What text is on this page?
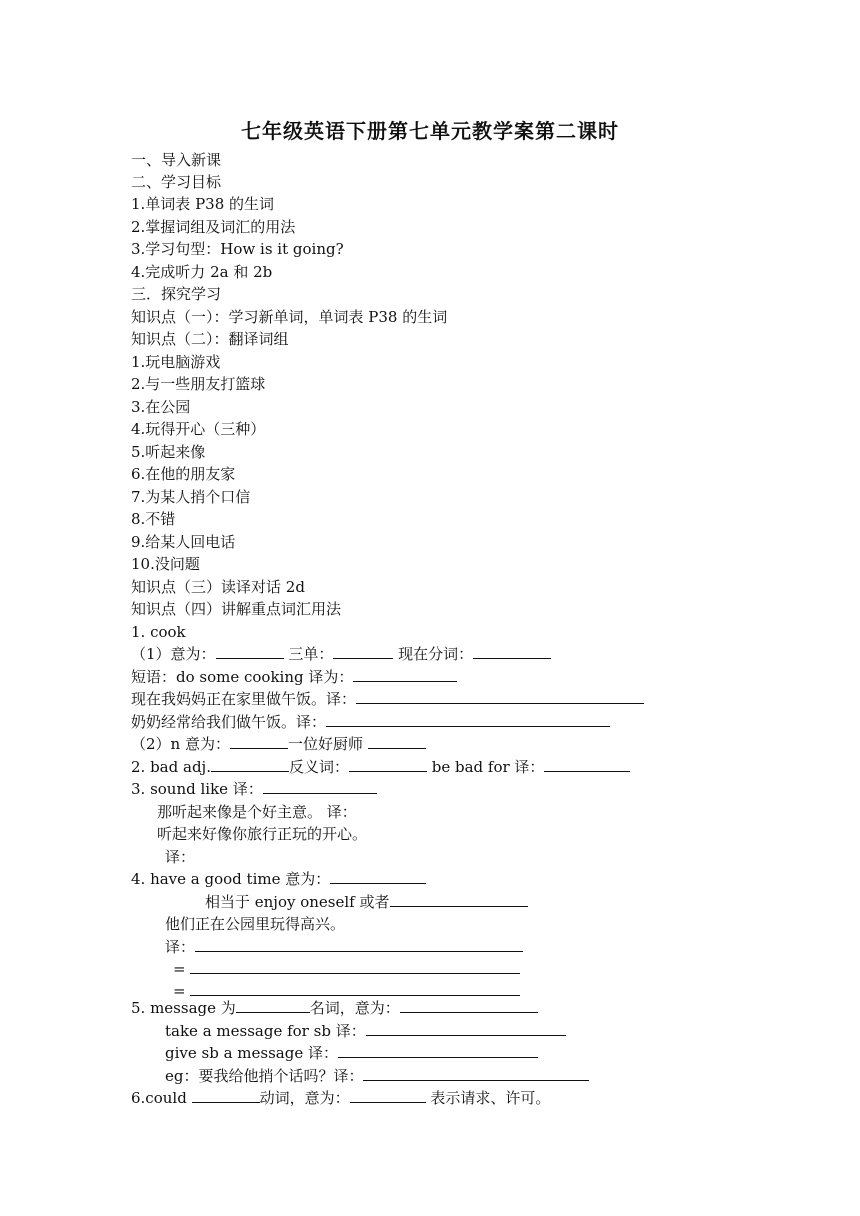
七年级英语下册第七单元教学案第二课时
一、导入新课
二、学习目标
1.单词表 P38 的生词
2.掌握词组及词汇的用法
3.学习句型：How is it going?
4.完成听力 2a 和 2b
三．探究学习
知识点（一）：学习新单词，单词表 P38 的生词
知识点（二）：翻译词组
1.玩电脑游戏
2.与一些朋友打篮球
3.在公园
4.玩得开心（三种）
5.听起来像
6.在他的朋友家
7.为某人捎个口信
8.不错
9.给某人回电话
10.没问题
知识点（三）读译对话 2d
知识点（四）讲解重点词汇用法
1. cook
（1）意为：	三单：	现在分词：
短语：do some cooking 译为：
现在我妈妈正在家里做午饭。译：
奶奶经常给我们做午饭。译：
（2）n 意为：	一位好厨师
2. bad adj.	反义词：	be bad for 译：
3. sound like 译：
那听起来像是个好主意。 译：
听起来好像你旅行正玩的开心。
译：
4. have a good time 意为：
相当于 enjoy oneself 或者
他们正在公园里玩得高兴。
译：
=
=
5. message 为	名词，意为：
take a message for sb 译：
give sb a message 译：
eg：要我给他捎个话吗？译：
6.could	动词，意为：	表示请求、许可。
